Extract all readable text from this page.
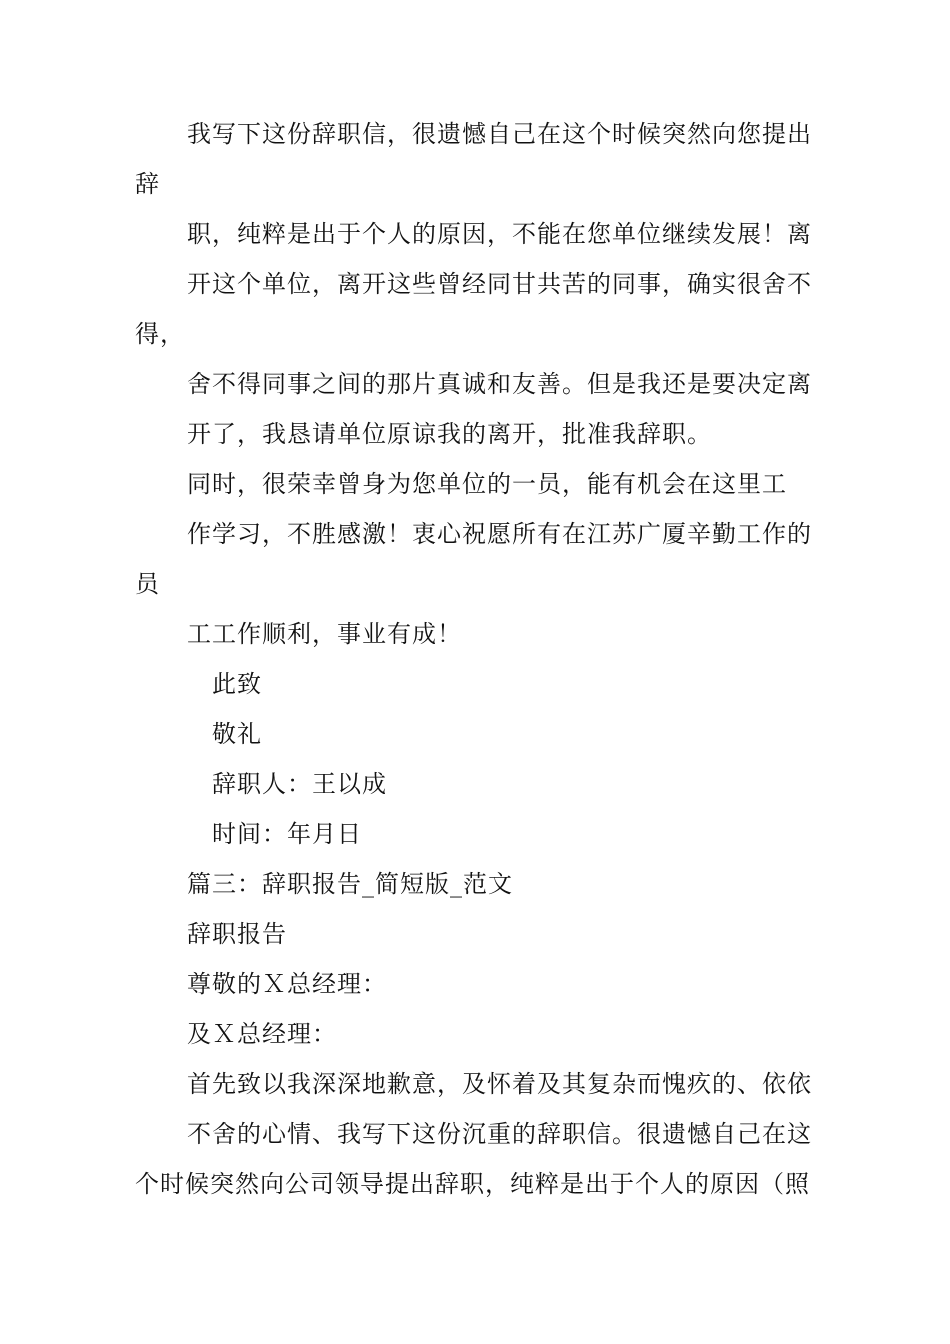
我写下这份辞职信，很遗憾自己在这个时候突然向您提出
辞
职，纯粹是出于个人的原因，不能在您单位继续发展！离
开这个单位，离开这些曾经同甘共苦的同事，确实很舍不
得，
舍不得同事之间的那片真诚和友善。但是我还是要决定离
开了，我恳请单位原谅我的离开，批准我辞职。
同时，很荣幸曾身为您单位的一员，能有机会在这里工
作学习，不胜感激！衷心祝愿所有在江苏广厦辛勤工作的
员
工工作顺利，事业有成！
此致
敬礼
辞职人：王以成
时间：年月日
篇三：辞职报告_简短版_范文
辞职报告
尊敬的Ｘ总经理：
及Ｘ总经理：
首先致以我深深地歉意，及怀着及其复杂而愧疚的、依依
不舍的心情、我写下这份沉重的辞职信。很遗憾自己在这
个时候突然向公司领导提出辞职，纯粹是出于个人的原因（照
